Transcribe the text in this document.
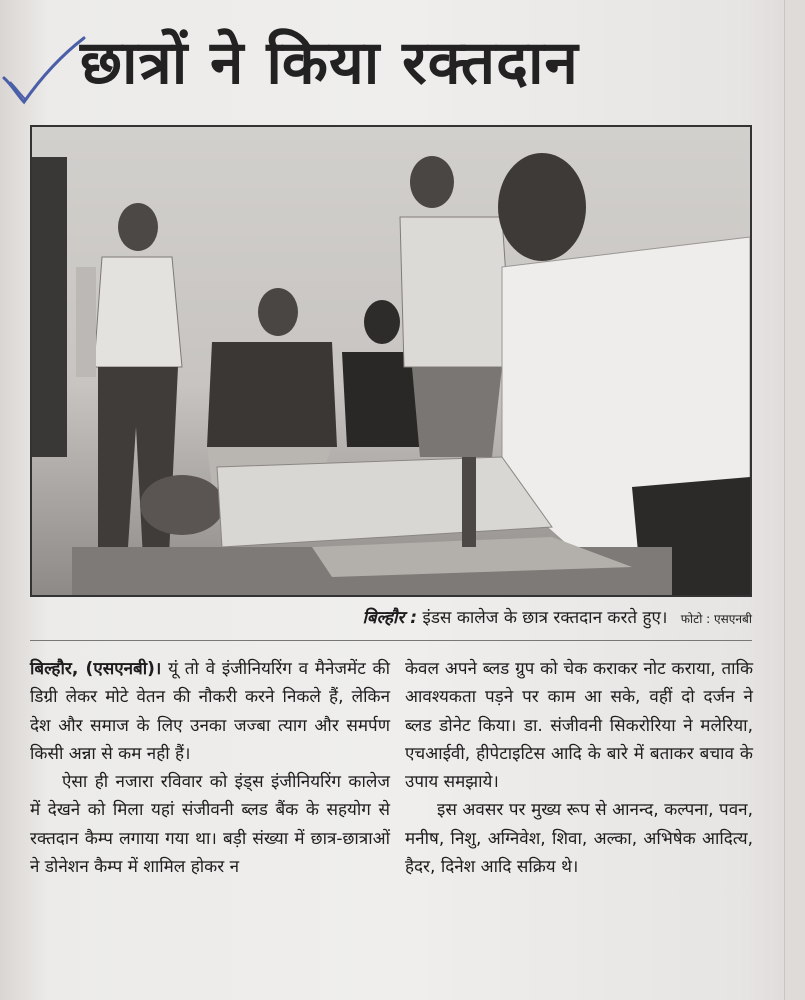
छात्रों ने किया रक्तदान
बिल्हौर : इंडस कालेज के छात्र रक्तदान करते हुए। फोटो : एसएनबी

बिल्हौर, (एसएनबी)। यूं तो वे इंजीनियरिंग व मैनेजमेंट की डिग्री लेकर मोटे वेतन की नौकरी करने निकले हैं, लेकिन देश और समाज के लिए उनका जज्बा त्याग और समर्पण किसी अन्ना से कम नही हैं।

ऐसा ही नजारा रविवार को इंड्स इंजीनियरिंग कालेज में देखने को मिला यहां संजीवनी ब्लड बैंक के सहयोग से रक्तदान कैम्प लगाया गया था। बड़ी संख्या में छात्र-छात्राओं ने डोनेशन कैम्प में शामिल होकर न

केवल अपने ब्लड ग्रुप को चेक कराकर नोट कराया, ताकि आवश्यकता पड़ने पर काम आ सके, वहीं दो दर्जन ने ब्लड डोनेट किया। डा. संजीवनी सिकरोरिया ने मलेरिया, एचआईवी, हीपेटाइटिस आदि के बारे में बताकर बचाव के उपाय समझाये।

इस अवसर पर मुख्य रूप से आनन्द, कल्पना, पवन, मनीष, निशु, अग्निवेश, शिवा, अल्का, अभिषेक आदित्य, हैदर, दिनेश आदि सक्रिय थे।
